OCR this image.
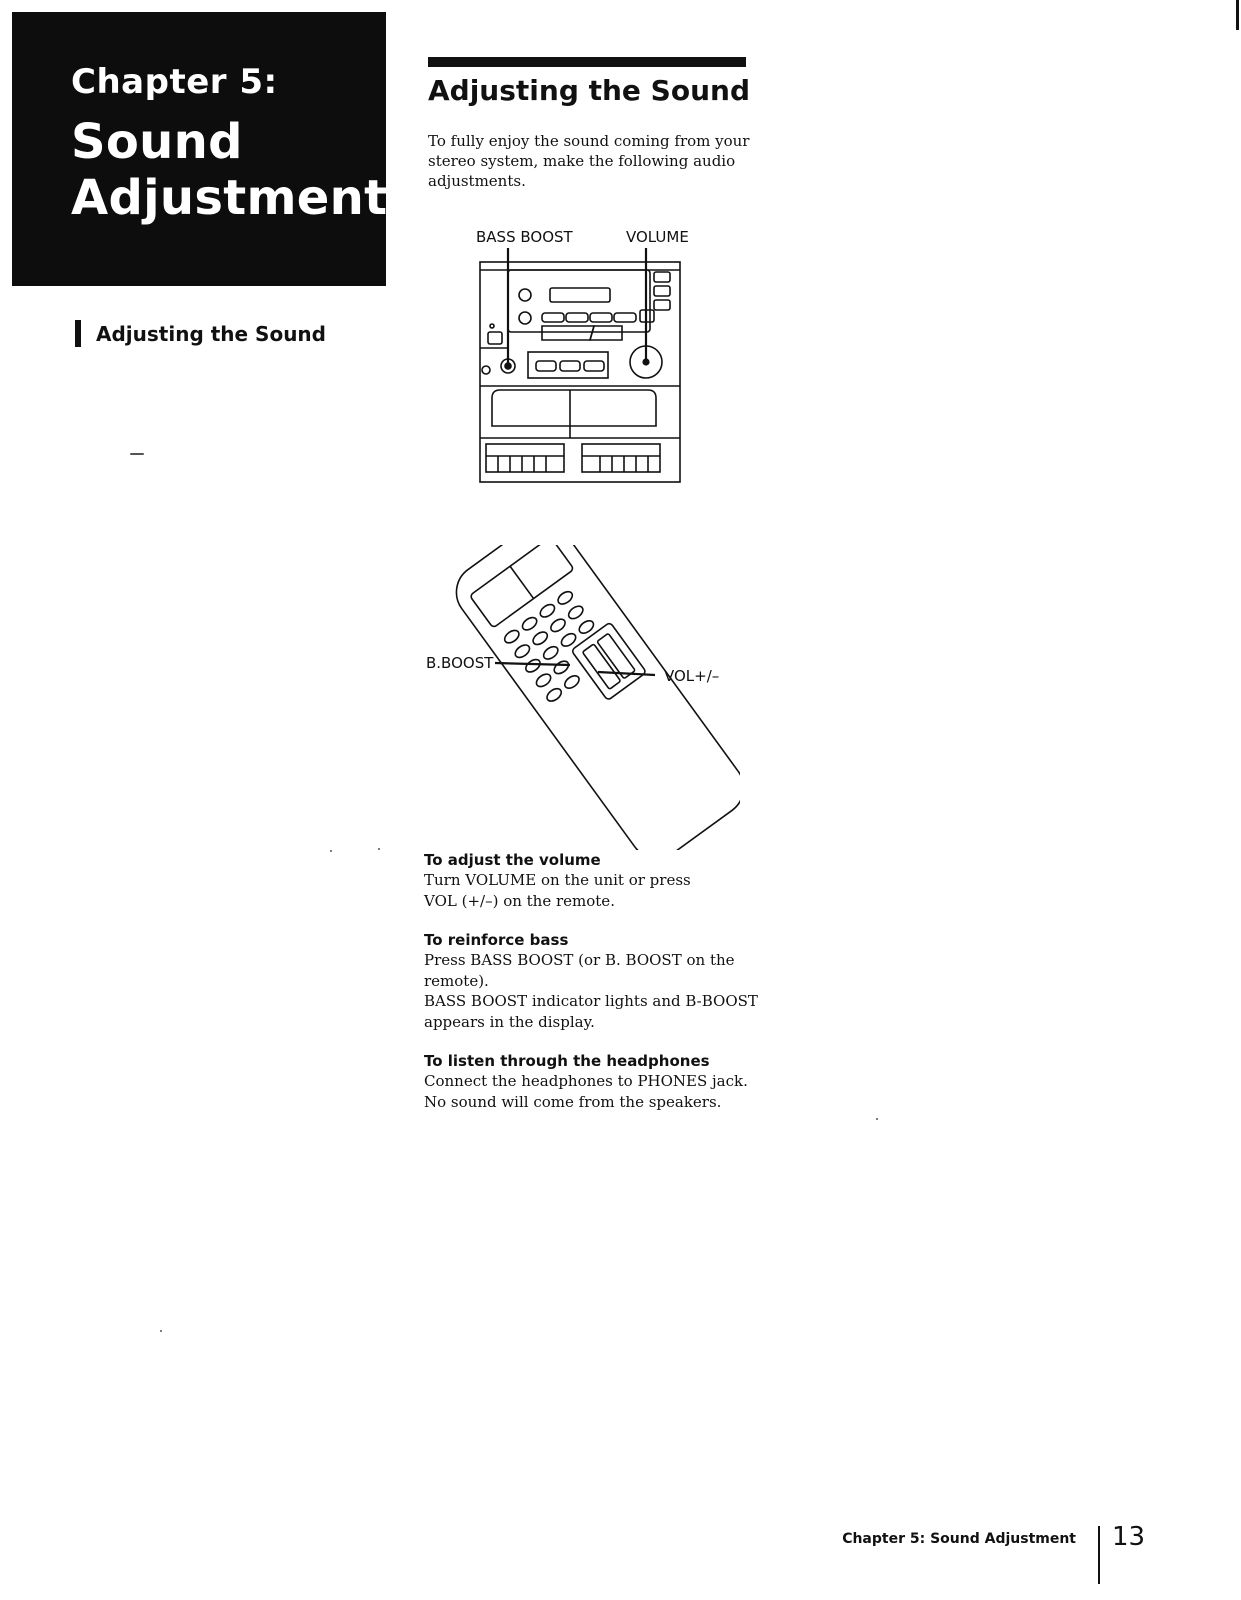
Chapter 5:
Sound
Adjustment
Adjusting the Sound
Adjusting the Sound
To fully enjoy the sound coming from your stereo system, make the following audio adjustments.
BASS BOOST	VOLUME
B.BOOST
VOL+/–
To adjust the volume

Turn VOLUME on the unit or press

VOL (+/–) on the remote.

To reinforce bass

Press BASS BOOST (or B. BOOST on the

remote).

BASS BOOST indicator lights and B-BOOST

appears in the display.

To listen through the headphones

Connect the headphones to PHONES jack.

No sound will come from the speakers.

Chapter 5: Sound Adjustment 13
